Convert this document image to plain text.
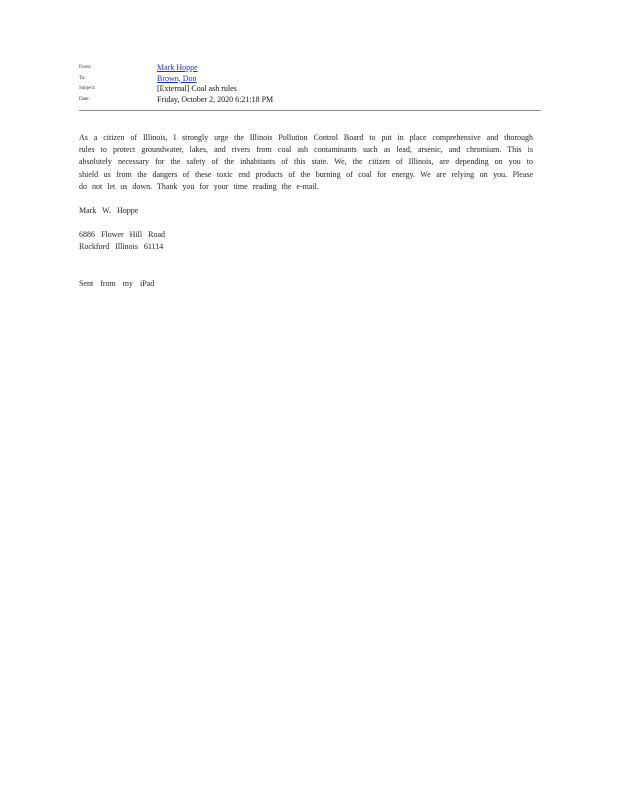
From:	Mark Hoppe
To:	Brown, Don
Subject:	[External] Coal ash rules
Date:	Friday, October 2, 2020 6:21:18 PM
As a citizen of Illinois, I strongly urge the Illinois Pollution Control Board to put in place comprehensive and thorough rules to protect groundwater, lakes, and rivers from coal ash contaminants such as lead, arsenic, and chromium. This is absolutely necessary for the safety of the inhabitants of this state. We, the citizen of Illinois, are depending on you to shield us from the dangers of these toxic end products of the burning of coal for energy. We are relying on you. Please do not let us down. Thank you for your time reading the e-mail.
Mark W. Hoppe
6886 Flower Hill Road
Rockford Illinois 61114
Sent from my iPad
